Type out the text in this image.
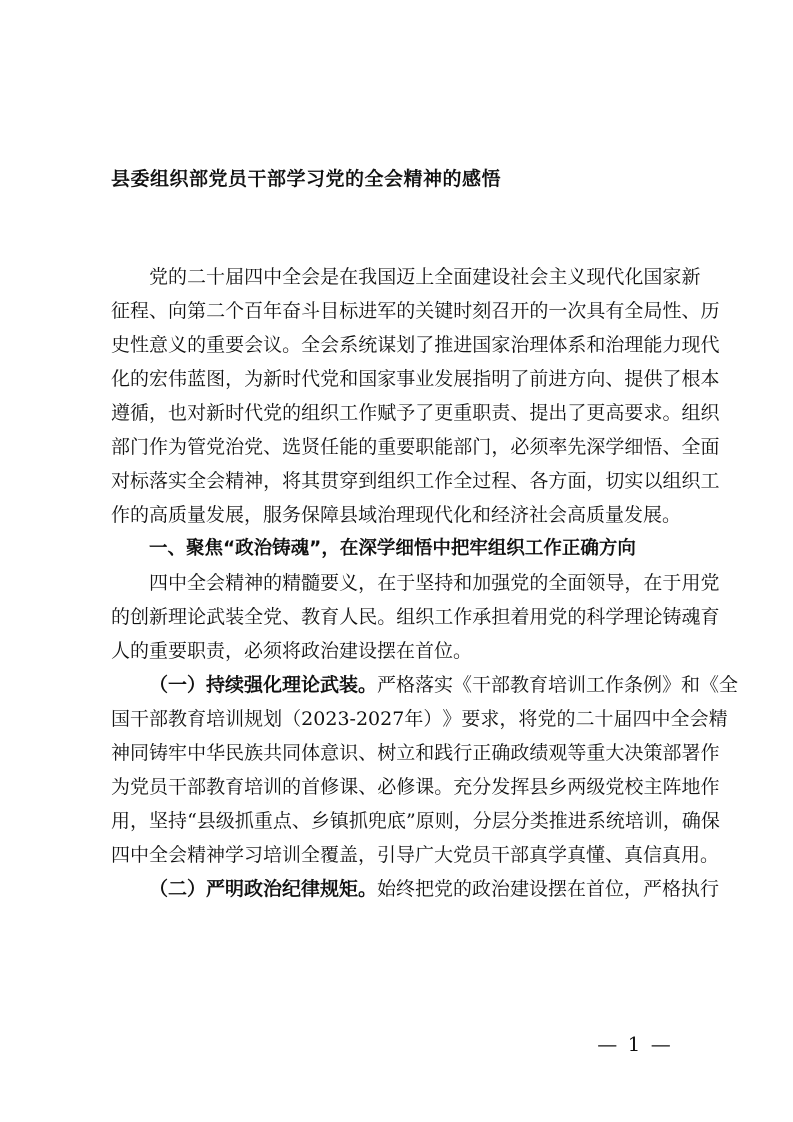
县委组织部党员干部学习党的全会精神的感悟
党 的 二 十 届 四 中 全 会 是 在 我 国 迈 上 全 面 建 设 社 会 主 义 现 代 化 国 家 新
征 程 、 向 第 二 个 百 年 奋 斗 目 标 进 军 的 关 键 时 刻 召 开 的 一 次 具 有 全 局 性 、 历
史 性 意 义 的 重 要 会 议 。 全 会 系 统 谋 划 了 推 进 国 家 治 理 体 系 和 治 理 能 力 现 代
化 的 宏 伟 蓝 图 ， 为 新 时 代 党 和 国 家 事 业 发 展 指 明 了 前 进 方 向 、 提 供 了 根 本
遵 循 ， 也 对 新 时 代 党 的 组 织 工 作 赋 予 了 更 重 职 责 、 提 出 了 更 高 要 求 。 组 织
部 门 作 为 管 党 治 党 、 选 贤 任 能 的 重 要 职 能 部 门 ， 必 须 率 先 深 学 细 悟 、 全 面
对 标 落 实 全 会 精 神 ， 将 其 贯 穿 到 组 织 工 作 全 过 程 、 各 方 面 ， 切 实 以 组 织 工
作的高质量发展，服务保障县域治理现代化和经济社会高质量发展。
一、聚焦“政治铸魂”，在深学细悟中把牢组织工作正确方向
四 中 全 会 精 神 的 精 髓 要 义 ， 在 于 坚 持 和 加 强 党 的 全 面 领 导 ， 在 于 用 党
的 创 新 理 论 武 装 全 党 、 教 育 人 民 。 组 织 工 作 承 担 着 用 党 的 科 学 理 论 铸 魂 育
人的重要职责，必须将政治建设摆在首位。
（一）持续强化理论武装。 严格落实《干部教育培训工作条例》和《全
国 干 部 教 育 培 训 规 划 （ 2 0 2 3 - 2 0 2 7 年 ） 》 要 求 ， 将 党 的 二 十 届 四 中 全 会 精
神 同 铸 牢 中 华 民 族 共 同 体 意 识 、 树 立 和 践 行 正 确 政 绩 观 等 重 大 决 策 部 署 作
为 党 员 干 部 教 育 培 训 的 首 修 课 、 必 修 课 。 充 分 发 挥 县 乡 两 级 党 校 主 阵 地 作
用 ， 坚 持 “ 县 级 抓 重 点 、 乡 镇 抓 兜 底 ” 原 则 ， 分 层 分 类 推 进 系 统 培 训 ， 确 保
四中全会精神学习培训全覆盖，引导广大党员干部真学真懂、真信真用。
（二）严明政治纪律规矩。 始终把党的政治建设摆在首位，严格执行
— 1 —
